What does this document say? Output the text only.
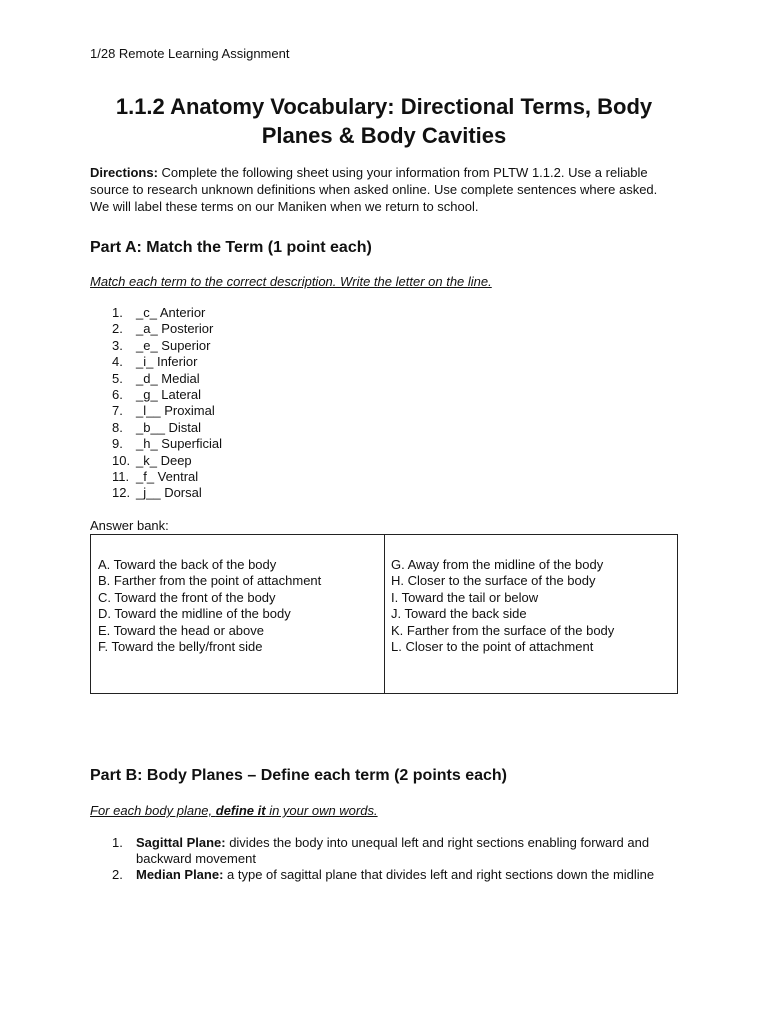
1/28 Remote Learning Assignment
1.1.2 Anatomy Vocabulary: Directional Terms, Body
Planes & Body Cavities
Directions: Complete the following sheet using your information from PLTW 1.1.2. Use a reliable source to research unknown definitions when asked online. Use complete sentences where asked. We will label these terms on our Maniken when we return to school.
Part A: Match the Term (1 point each)
Match each term to the correct description. Write the letter on the line.
1.	_c_ Anterior
2.	_a_ Posterior
3.	_e_ Superior
4.	_i_ Inferior
5.	_d_ Medial
6.	_g_ Lateral
7.	_l__ Proximal
8.	_b__ Distal
9.	_h_ Superficial
10. _k_ Deep
11. _f_ Ventral
12. _j__ Dorsal
Answer bank:
A. Toward the back of the body
B. Farther from the point of attachment
C. Toward the front of the body
D. Toward the midline of the body
E. Toward the head or above
F. Toward the belly/front side
G. Away from the midline of the body
H. Closer to the surface of the body
I. Toward the tail or below
J. Toward the back side
K. Farther from the surface of the body
L. Closer to the point of attachment
Part B: Body Planes – Define each term (2 points each)
For each body plane, define it in your own words.
1.	Sagittal Plane: divides the body into unequal left and right sections enabling forward and backward movement
2.	Median Plane: a type of sagittal plane that divides left and right sections down the midline
